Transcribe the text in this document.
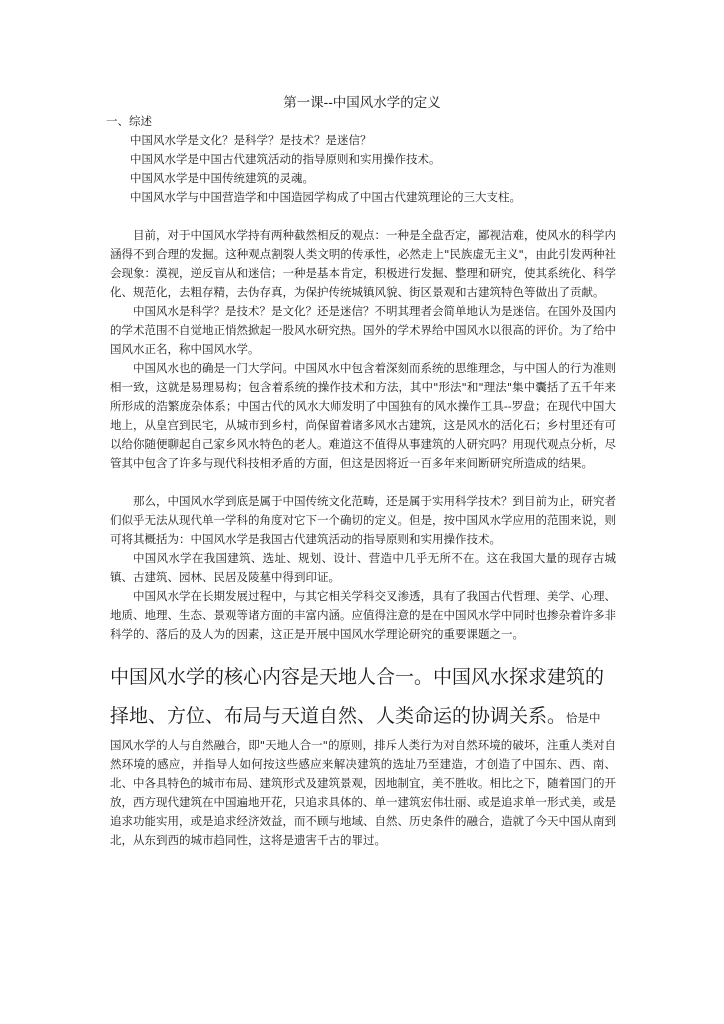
第一课--中国风水学的定义
一、综述
中国风水学是文化？是科学？是技术？是迷信？
中国风水学是中国古代建筑活动的指导原则和实用操作技术。
中国风水学是中国传统建筑的灵魂。
中国风水学与中国营造学和中国造园学构成了中国古代建筑理论的三大支柱。

目前，对于中国风水学持有两种截然相反的观点：一种是全盘否定，鄙视洁难，使风水的科学内涵得不到合理的发掘。这种观点割裂人类文明的传承性，必然走上"民族虚无主义"，由此引发两种社会现象：漠视，逆反盲从和迷信；一种是基本肯定，积极进行发掘、整理和研究，使其系统化、科学化、规范化，去粗存精，去伪存真，为保护传统城镇风貌、街区景观和古建筑特色等做出了贡献。

中国风水是科学？是技术？是文化？还是迷信？不明其理者会简单地认为是迷信。在国外及国内的学术范围不自觉地正悄然掀起一股风水研究热。国外的学术界给中国风水以很高的评价。为了给中国风水正名，称中国风水学。

中国风水也的确是一门大学问。中国风水中包含着深刻而系统的思维理念，与中国人的行为准则相一致，这就是易理易构；包含着系统的操作技术和方法，其中"形法"和"理法"集中囊括了五千年来所形成的浩繁庞杂体系；中国古代的风水大师发明了中国独有的风水操作工具--罗盘；在现代中国大地上，从皇宫到民宅，从城市到乡村，尚保留着诸多风水古建筑，这是风水的活化石；乡村里还有可以给你随便聊起自己家乡风水特色的老人。难道这不值得从事建筑的人研究吗？用现代观点分析，尽管其中包含了许多与现代科技相矛盾的方面，但这是因将近一百多年来间断研究所造成的结果。

那么，中国风水学到底是属于中国传统文化范畴，还是属于实用科学技术？到目前为止，研究者们似乎无法从现代单一学科的角度对它下一个确切的定义。但是，按中国风水学应用的范围来说，则可将其概括为：中国风水学是我国古代建筑活动的指导原则和实用操作技术。

中国风水学在我国建筑、选址、规划、设计、营造中几乎无所不在。这在我国大量的现存古城镇、古建筑、园林、民居及陵墓中得到印证。

中国风水学在长期发展过程中，与其它相关学科交叉渗透，具有了我国古代哲理、美学、心理、地质、地理、生态、景观等诸方面的丰富内涵。应值得注意的是在中国风水学中同时也掺杂着许多非科学的、落后的及人为的因素，这正是开展中国风水学理论研究的重要课题之一。

中国风水学的核心内容是天地人合一。中国风水探求建筑的择地、方位、布局与天道自然、人类命运的协调关系。恰是中

国风水学的人与自然融合，即"天地人合一"的原则，排斥人类行为对自然环境的破坏，注重人类对自然环境的感应，并指导人如何按这些感应来解决建筑的选址乃至建造，才创造了中国东、西、南、北、中各具特色的城市布局、建筑形式及建筑景观，因地制宜，美不胜收。相比之下，随着国门的开放，西方现代建筑在中国遍地开花，只追求具体的、单一建筑宏伟壮丽、或是追求单一形式美，或是追求功能实用，或是追求经济效益，而不顾与地域、自然、历史条件的融合，造就了今天中国从南到北，从东到西的城市趋同性，这将是遗害千古的罪过。
